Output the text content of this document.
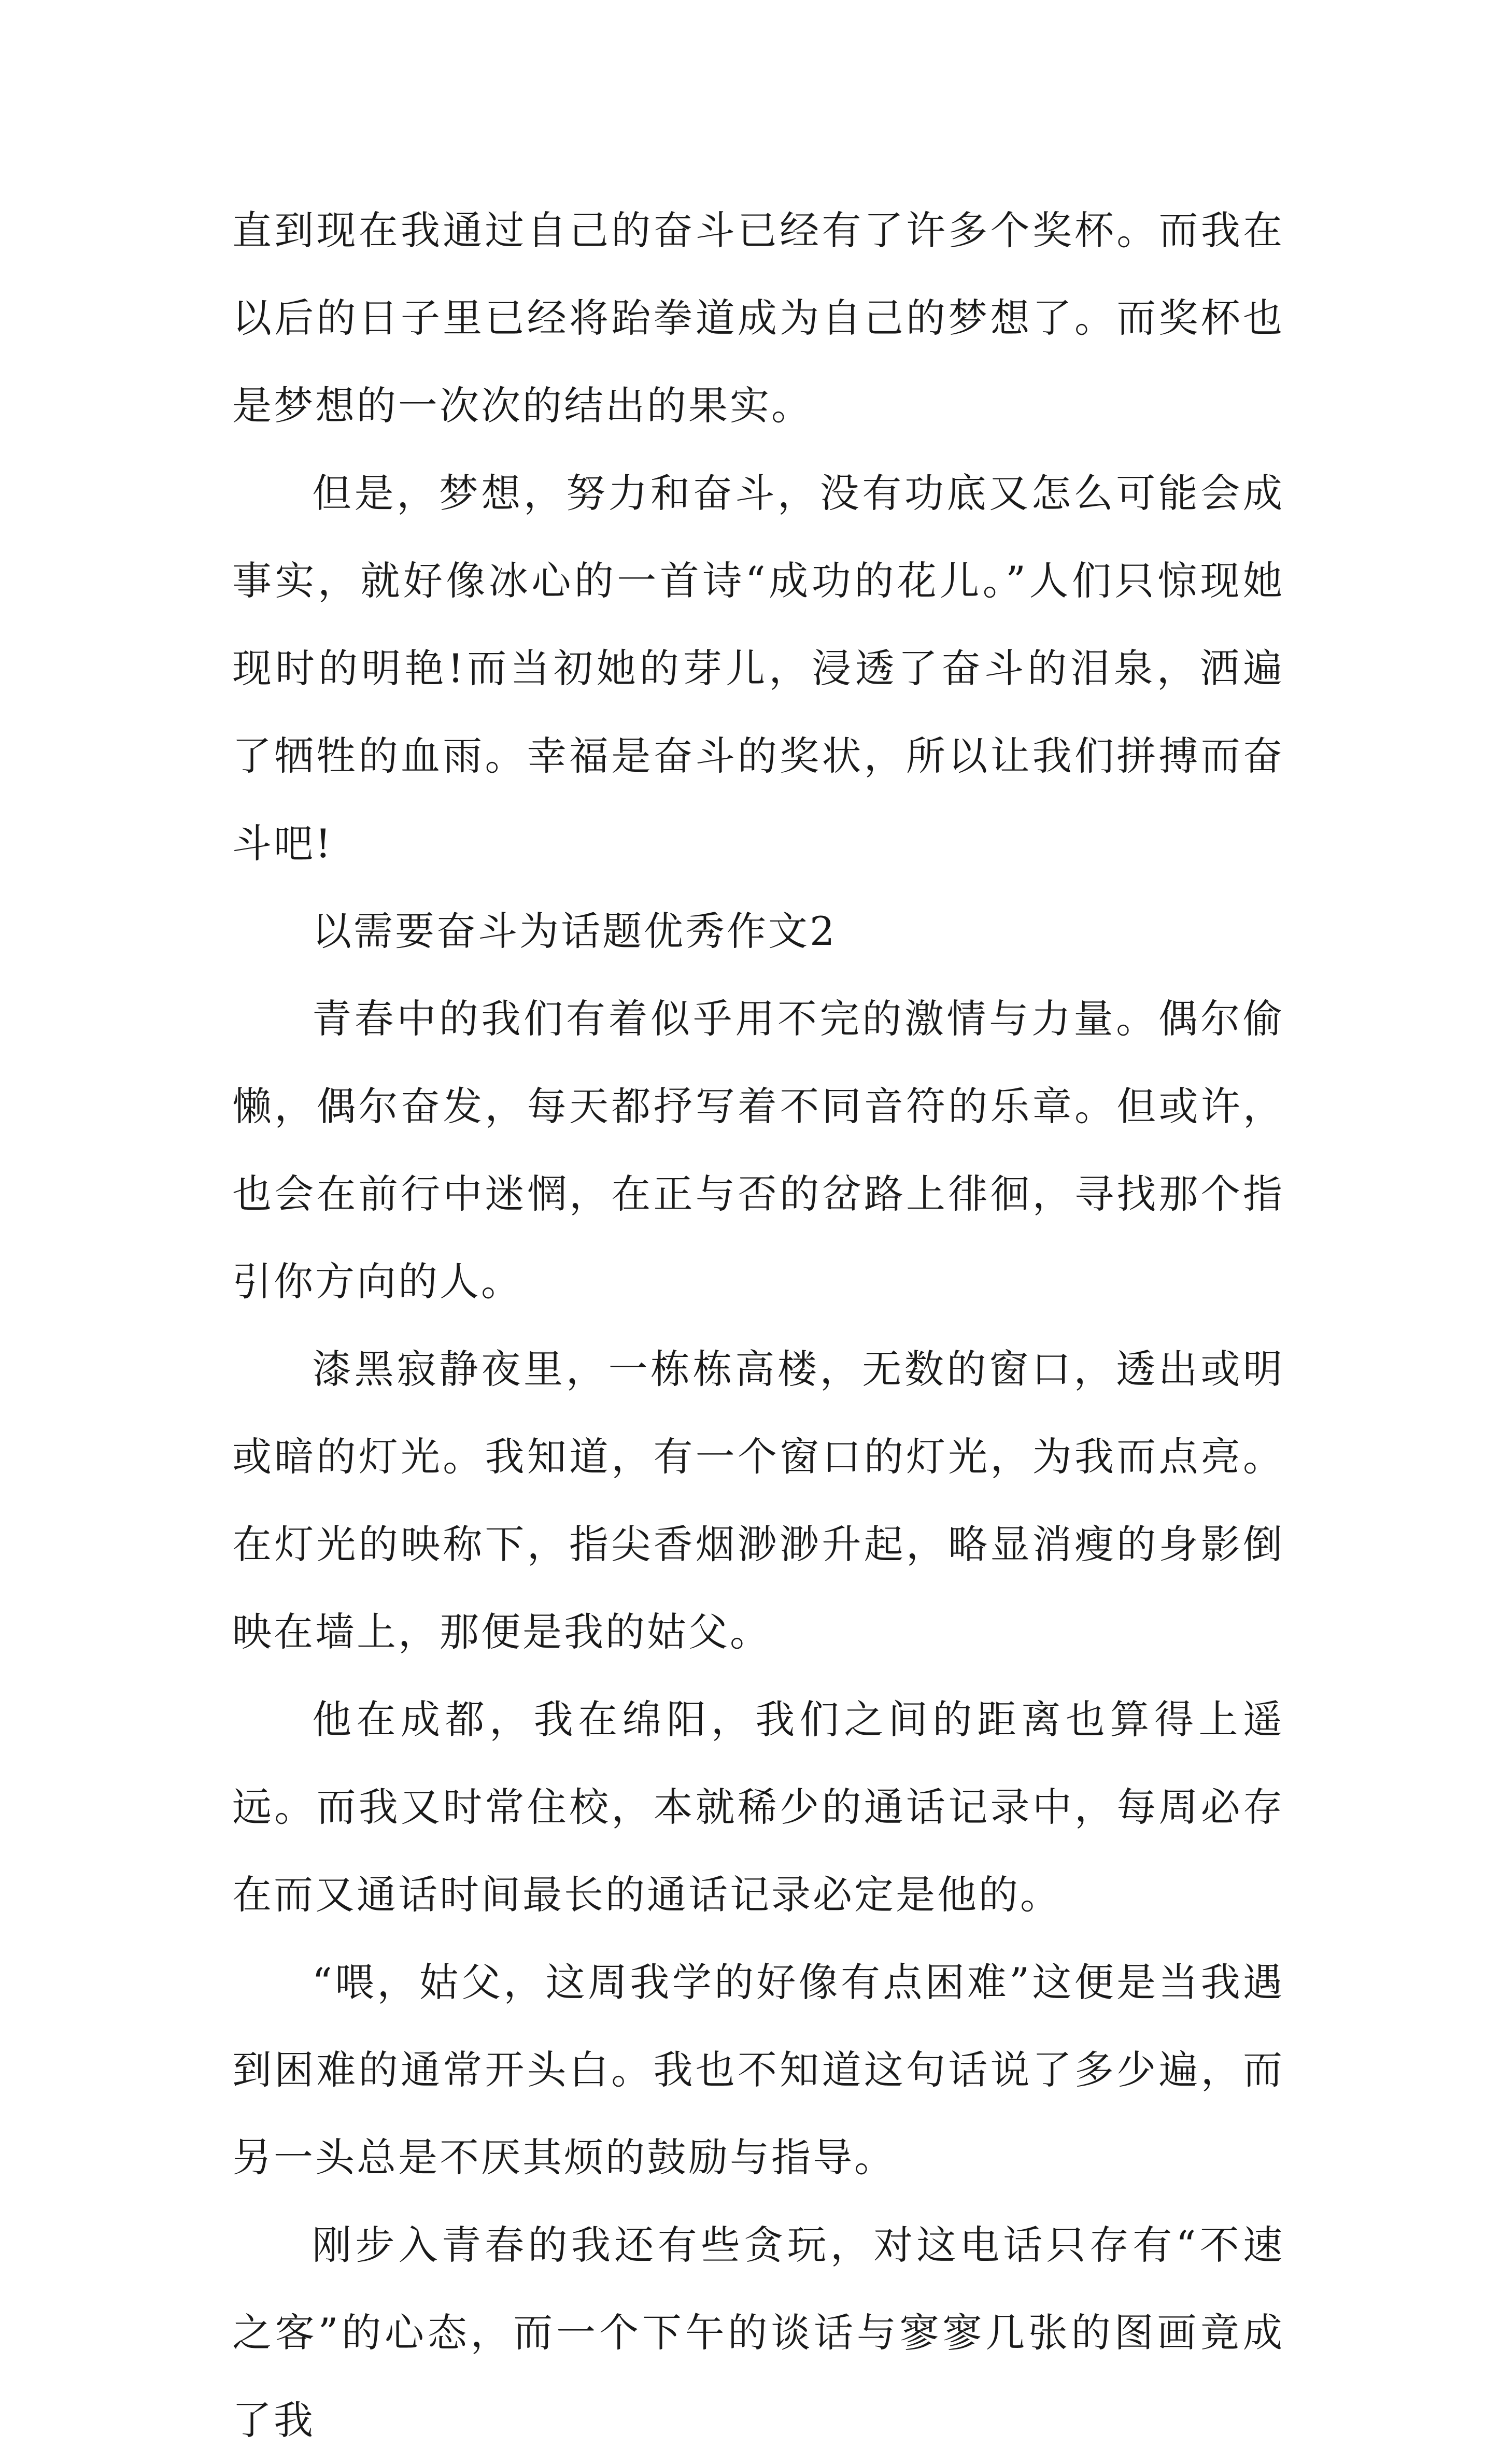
直到现在我通过自己的奋斗已经有了许多个奖杯。而我在以后的日子里已经将跆拳道成为自己的梦想了。而奖杯也是梦想的一次次的结出的果实。

但是，梦想，努力和奋斗，没有功底又怎么可能会成事实，就好像冰心的一首诗“成功的花儿。”人们只惊现她现时的明艳!而当初她的芽儿，浸透了奋斗的泪泉，洒遍了牺牲的血雨。幸福是奋斗的奖状，所以让我们拼搏而奋斗吧!

以需要奋斗为话题优秀作文2

青春中的我们有着似乎用不完的激情与力量。偶尔偷懒，偶尔奋发，每天都抒写着不同音符的乐章。但或许，也会在前行中迷惘，在正与否的岔路上徘徊，寻找那个指引你方向的人。

漆黑寂静夜里，一栋栋高楼，无数的窗口，透出或明或暗的灯光。我知道，有一个窗口的灯光，为我而点亮。在灯光的映称下，指尖香烟渺渺升起，略显消瘦的身影倒映在墙上，那便是我的姑父。

他在成都，我在绵阳，我们之间的距离也算得上遥远。而我又时常住校，本就稀少的通话记录中，每周必存在而又通话时间最长的通话记录必定是他的。

“喂，姑父，这周我学的好像有点困难”这便是当我遇到困难的通常开头白。我也不知道这句话说了多少遍，而另一头总是不厌其烦的鼓励与指导。

刚步入青春的我还有些贪玩，对这电话只存有“不速之客”的心态，而一个下午的谈话与寥寥几张的图画竟成了我
